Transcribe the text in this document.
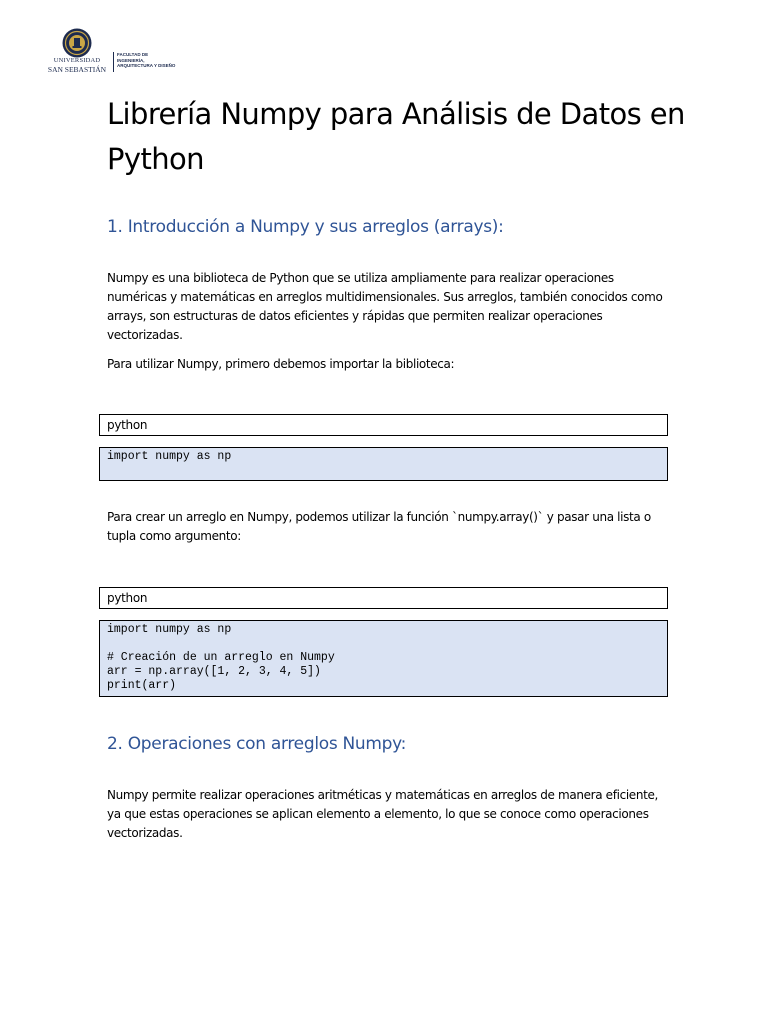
UNIVERSIDAD
SAN SEBASTIÁN
FACULTAD DE
INGENIERÍA,
ARQUITECTURA Y DISEÑO
Librería Numpy para Análisis de Datos en Python
1. Introducción a Numpy y sus arreglos (arrays):

Numpy es una biblioteca de Python que se utiliza ampliamente para realizar operaciones numéricas y matemáticas en arreglos multidimensionales. Sus arreglos, también conocidos como arrays, son estructuras de datos eficientes y rápidas que permiten realizar operaciones vectorizadas.

Para utilizar Numpy, primero debemos importar la biblioteca:

python
import numpy as np

Para crear un arreglo en Numpy, podemos utilizar la función `numpy.array()` y pasar una lista o tupla como argumento:

python
import numpy as np

# Creación de un arreglo en Numpy
arr = np.array([1, 2, 3, 4, 5])
print(arr)
2. Operaciones con arreglos Numpy:

Numpy permite realizar operaciones aritméticas y matemáticas en arreglos de manera eficiente, ya que estas operaciones se aplican elemento a elemento, lo que se conoce como operaciones vectorizadas.
